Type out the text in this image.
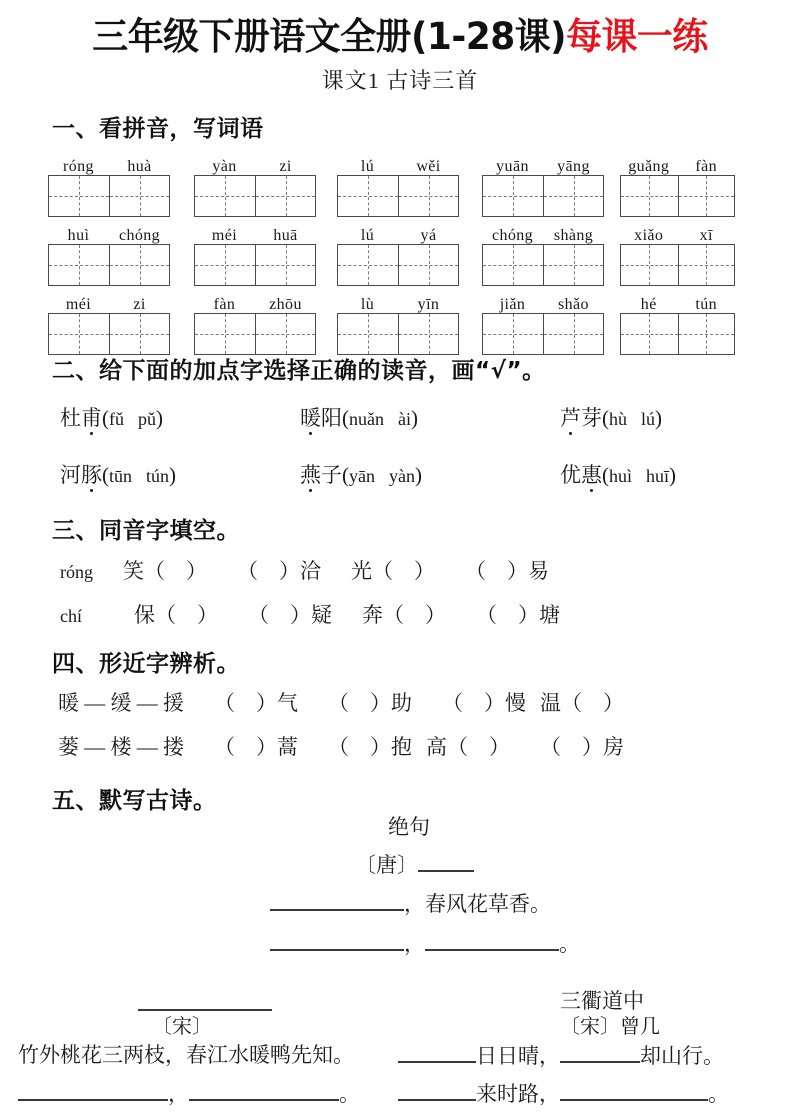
三年级下册语文全册(1-28课)每课一练
课文1 古诗三首
一、看拼音，写词语
róng	huà	yàn	zi	lú	wěi	yuān	yāng	guǎng	fàn
huì	chóng	méi	huā	lú	yá	chóng	shàng	xiǎo	xī
méi	zi	fàn	zhōu	lù	yīn	jiǎn	shǎo	hé	tún
二、给下面的加点字选择正确的读音，画“√”。
杜甫(fǔ pǔ)	暖阳(nuǎn ài)	芦芽(hù lú)
河豚(tūn tún)	燕子(yān yàn)	优惠(huì huī)
三、同音字填空。
róng 笑（　） （　）洽 光（　） （　）易
chí 保（　） （　）疑 奔（　） （　）塘
四、形近字辨析。
暖 — 缓 — 援 （　）气 （　）助 （　）慢 温（　）
蒌 — 楼 — 搂 （　）蒿 （　）抱 高（　） （　）房
五、默写古诗。
绝句
〔唐〕
，春风花草香。
，	。
〔宋〕
竹外桃花三两枝，春江水暖鸭先知。
，	。
三衢道中
〔宋〕曾几
日日晴，	却山行。
来时路，	。
